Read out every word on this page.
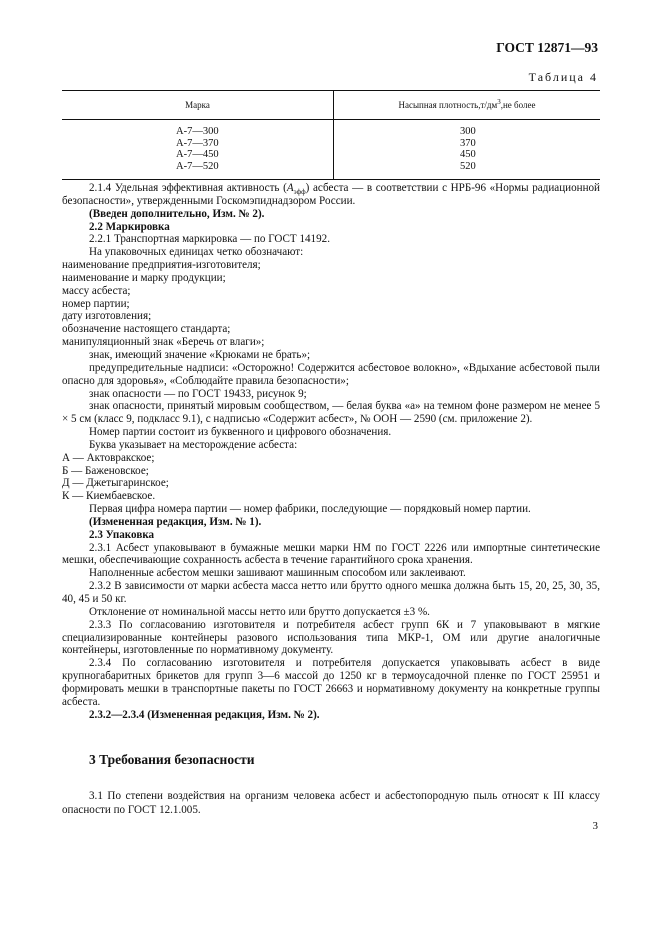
ГОСТ 12871—93
Таблица 4
Марка	Насыпная $плотность,т/дм^3,не$ более
А-7—300	300
А-7—370	370
А-7—450	450
А-7—520	520

2.1.4 Удельная эффективная активность $(А_{эфф})$ асбеста — в соответствии с НРБ-96 «Нормы радиационной безопасности», утвержденными Госкомэпиднадзором России.

(Введен дополнительно, Изм. № 2).

2.2 Маркировка

2.2.1 Транспортная маркировка — по ГОСТ 14192.

На упаковочных единицах четко обозначают:

наименование предприятия-изготовителя;

наименование и марку продукции;

массу асбеста;

номер партии;

дату изготовления;

обозначение настоящего стандарта;

манипуляционный знак «Беречь от влаги»;

знак, имеющий значение «Крюками не брать»;

предупредительные надписи: «Осторожно! Содержится асбестовое волокно», «Вдыхание асбестовой пыли опасно для здоровья», «Соблюдайте правила безопасности»;

знак опасности — по ГОСТ 19433, рисунок 9;

знак опасности, принятый мировым сообществом, — белая буква «а» на темном фоне размером не менее 5 × 5 см (класс 9, подкласс 9.1), с надписью «Содержит асбест», № ООН — 2590 (см. приложение 2).

Номер партии состоит из буквенного и цифрового обозначения.

Буква указывает на месторождение асбеста:

А — Актовракское;

Б — Баженовское;

Д — Джетыгаринское;

К — Киембаевское.

Первая цифра номера партии — номер фабрики, последующие — порядковый номер партии.

(Измененная редакция, Изм. № 1).

2.3 Упаковка

2.3.1 Асбест упаковывают в бумажные мешки марки НМ по ГОСТ 2226 или импортные синтетические мешки, обеспечивающие сохранность асбеста в течение гарантийного срока хранения.

Наполненные асбестом мешки зашивают машинным способом или заклеивают.

2.3.2 В зависимости от марки асбеста масса нетто или брутто одного мешка должна быть 15, 20, 25, 30, 35, 40, 45 и 50 кг.

Отклонение от номинальной массы нетто или брутто допускается ±3 %.

2.3.3 По согласованию изготовителя и потребителя асбест групп 6К и 7 упаковывают в мягкие специализированные контейнеры разового использования типа МКР-1, ОМ или другие аналогичные контейнеры, изготовленные по нормативному документу.

2.3.4 По согласованию изготовителя и потребителя допускается упаковывать асбест в виде крупногабаритных брикетов для групп 3—6 массой до 1250 кг в термоусадочной пленке по ГОСТ 25951 и формировать мешки в транспортные пакеты по ГОСТ 26663 и нормативному документу на конкретные группы асбеста.

2.3.2—2.3.4 (Измененная редакция, Изм. № 2).

3 Требования безопасности

3.1 По степени воздействия на организм человека асбест и асбестопородную пыль относят к III классу опасности по ГОСТ 12.1.005.

3
